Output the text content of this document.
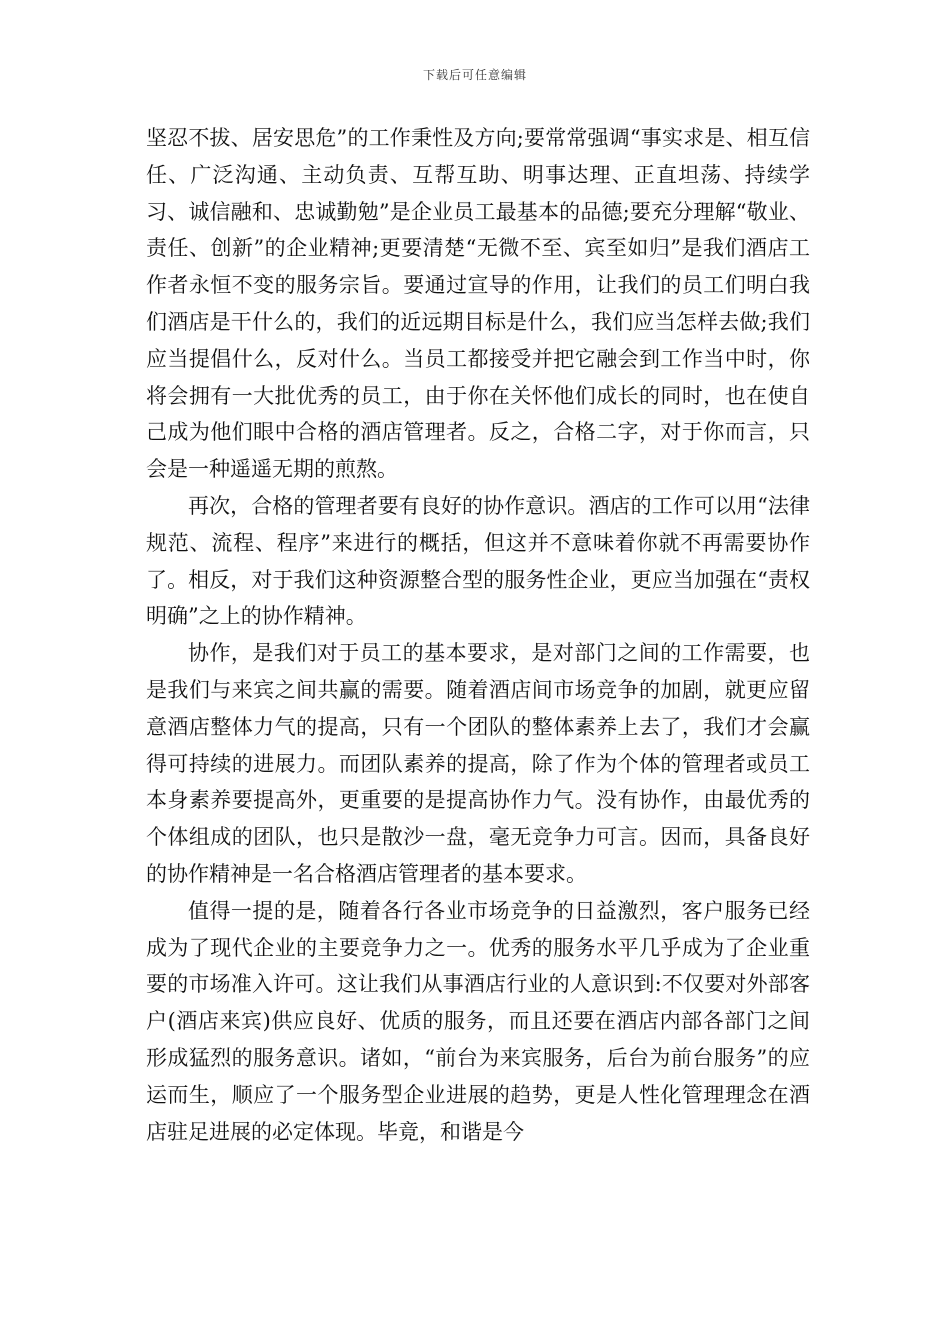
下载后可任意编辑

坚忍不拔、居安思危”的工作秉性及方向;要常常强调“事实求是、相互信任、广泛沟通、主动负责、互帮互助、明事达理、正直坦荡、持续学习、诚信融和、忠诚勤勉”是企业员工最基本的品德;要充分理解“敬业、责任、创新”的企业精神;更要清楚“无微不至、宾至如归”是我们酒店工作者永恒不变的服务宗旨。要通过宣导的作用，让我们的员工们明白我们酒店是干什么的，我们的近远期目标是什么，我们应当怎样去做;我们应当提倡什么，反对什么。当员工都接受并把它融会到工作当中时，你将会拥有一大批优秀的员工，由于你在关怀他们成长的同时，也在使自己成为他们眼中合格的酒店管理者。反之，合格二字，对于你而言，只会是一种遥遥无期的煎熬。

再次，合格的管理者要有良好的协作意识。酒店的工作可以用“法律规范、流程、程序”来进行的概括，但这并不意味着你就不再需要协作了。相反，对于我们这种资源整合型的服务性企业，更应当加强在“责权明确”之上的协作精神。

协作，是我们对于员工的基本要求，是对部门之间的工作需要，也是我们与来宾之间共赢的需要。随着酒店间市场竞争的加剧，就更应留意酒店整体力气的提高，只有一个团队的整体素养上去了，我们才会赢得可持续的进展力。而团队素养的提高，除了作为个体的管理者或员工本身素养要提高外，更重要的是提高协作力气。没有协作，由最优秀的个体组成的团队，也只是散沙一盘，毫无竞争力可言。因而，具备良好的协作精神是一名合格酒店管理者的基本要求。

值得一提的是，随着各行各业市场竞争的日益激烈，客户服务已经成为了现代企业的主要竞争力之一。优秀的服务水平几乎成为了企业重要的市场准入许可。这让我们从事酒店行业的人意识到:不仅要对外部客户(酒店来宾)供应良好、优质的服务，而且还要在酒店内部各部门之间形成猛烈的服务意识。诸如，“前台为来宾服务，后台为前台服务”的应运而生，顺应了一个服务型企业进展的趋势，更是人性化管理理念在酒店驻足进展的必定体现。毕竟，和谐是今
